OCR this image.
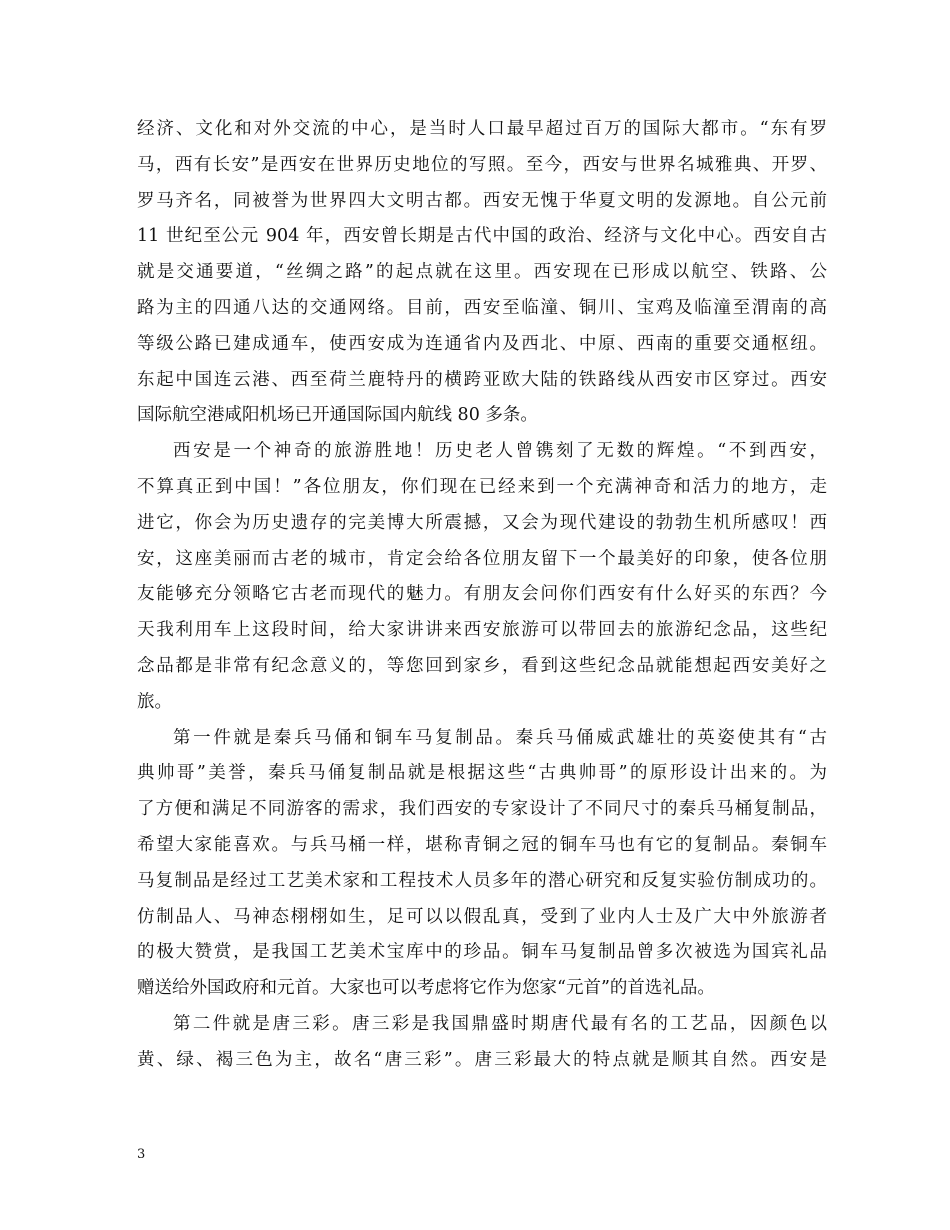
经济、文化和对外交流的中心，是当时人口最早超过百万的国际大都市。“东有罗
马，西有长安”是西安在世界历史地位的写照。至今，西安与世界名城雅典、开罗、
罗马齐名，同被誉为世界四大文明古都。西安无愧于华夏文明的发源地。自公元前
11 世纪至公元 904 年，西安曾长期是古代中国的政治、经济与文化中心。西安自古
就是交通要道，“丝绸之路”的起点就在这里。西安现在已形成以航空、铁路、公
路为主的四通八达的交通网络。目前，西安至临潼、铜川、宝鸡及临潼至渭南的高
等级公路已建成通车，使西安成为连通省内及西北、中原、西南的重要交通枢纽。
东起中国连云港、西至荷兰鹿特丹的横跨亚欧大陆的铁路线从西安市区穿过。西安
国际航空港咸阳机场已开通国际国内航线 80 多条。

西安是一个神奇的旅游胜地！历史老人曾镌刻了无数的辉煌。“不到西安，
不算真正到中国！”各位朋友，你们现在已经来到一个充满神奇和活力的地方，走
进它，你会为历史遗存的完美博大所震撼，又会为现代建设的勃勃生机所感叹！西
安，这座美丽而古老的城市，肯定会给各位朋友留下一个最美好的印象，使各位朋
友能够充分领略它古老而现代的魅力。有朋友会问你们西安有什么好买的东西？今
天我利用车上这段时间，给大家讲讲来西安旅游可以带回去的旅游纪念品，这些纪
念品都是非常有纪念意义的，等您回到家乡，看到这些纪念品就能想起西安美好之
旅。

第一件就是秦兵马俑和铜车马复制品。秦兵马俑威武雄壮的英姿使其有“古
典帅哥”美誉，秦兵马俑复制品就是根据这些“古典帅哥”的原形设计出来的。为
了方便和满足不同游客的需求，我们西安的专家设计了不同尺寸的秦兵马桶复制品，
希望大家能喜欢。与兵马桶一样，堪称青铜之冠的铜车马也有它的复制品。秦铜车
马复制品是经过工艺美术家和工程技术人员多年的潜心研究和反复实验仿制成功的。
仿制品人、马神态栩栩如生，足可以以假乱真，受到了业内人士及广大中外旅游者
的极大赞赏，是我国工艺美术宝库中的珍品。铜车马复制品曾多次被选为国宾礼品
赠送给外国政府和元首。大家也可以考虑将它作为您家“元首”的首选礼品。

第二件就是唐三彩。唐三彩是我国鼎盛时期唐代最有名的工艺品，因颜色以
黄、绿、褐三色为主，故名“唐三彩”。唐三彩最大的特点就是顺其自然。西安是

3
